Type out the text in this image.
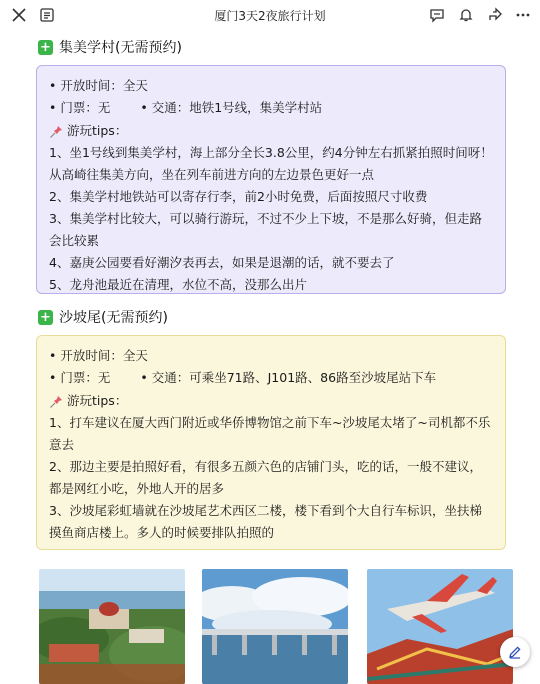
厦门3天2夜旅行计划
+ 集美学村(无需预约)
• 开放时间：全天
• 门票：无 • 交通：地铁1号线，集美学村站
游玩tips：
1、坐1号线到集美学村，海上部分全长3.8公里，约4分钟左右抓紧拍照时间呀！从高崎往集美方向，坐在列车前进方向的左边景色更好一点
2、集美学村地铁站可以寄存行李，前2小时免费，后面按照尺寸收费
3、集美学村比较大，可以骑行游玩，不过不少上下坡，不是那么好骑，但走路会比较累
4、嘉庚公园要看好潮汐表再去，如果是退潮的话，就不要去了
5、龙舟池最近在清理，水位不高，没那么出片
+ 沙坡尾(无需预约)
• 开放时间：全天
• 门票：无 • 交通：可乘坐71路、J101路、86路至沙坡尾站下车
游玩tips：
1、打车建议在厦大西门附近或华侨博物馆之前下车~沙坡尾太堵了~司机都不乐意去
2、那边主要是拍照好看，有很多五颜六色的店铺门头，吃的话，一般不建议，都是网红小吃，外地人开的居多
3、沙坡尾彩虹墙就在沙坡尾艺术西区二楼，楼下看到个大自行车标识，坐扶梯摸鱼商店楼上。多人的时候要排队拍照的
